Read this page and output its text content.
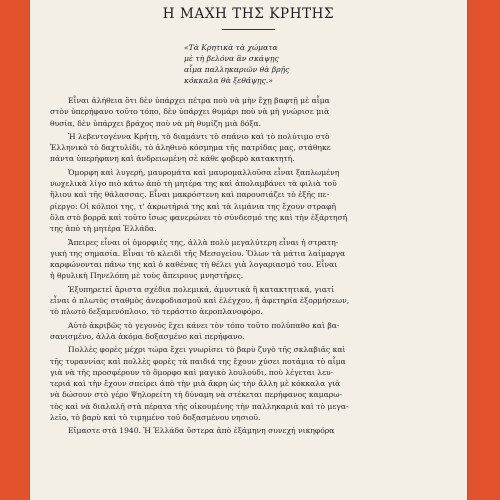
Η ΜΑΧΗ ΤΗΣ ΚΡΗΤΗΣ
«Τὰ Κρητικὰ τὰ χώματα
μὲ τὴ βελόνα ἂν σκάψῃς
αἷμα παλληκαριῶν θὰ βρῇς
κόκκαλα θὰ ξεθάψῃς.»
Εἶναι ἀλήθεια ὅτι δὲν ὑπάρχει πέτρα ποὺ νὰ μὴν ἔχῃ βαφτῇ μὲ αἷμα
στὸν ὑπερήφανο τοῦτο τόπο, δὲν ὑπάρχει θυμάρι ποὺ νὰ μὴ γνώρισε μιὰ
θυσία, δὲν ὑπάρχει βράχος ποὺ νὰ μὴ θυμίζη μιὰ δόξα.
Ἡ λεβεντογέννα Κρήτη, τὸ διαμάντι τὸ σπάνιο καὶ τὸ πολύτιμο στὸ
Ἑλληνικὸ τὸ δαχτυλίδι, τὸ ἀληθινὸ κόσμημα τῆς πατρίδας μας, στάθηκε
πάντα ὑπερήφανη καὶ ἀνδρειωμένη σὲ κάθε φοβερὸ κατακτητή.
Ὁμορφη καὶ λυγερή, μαυρομάτα καὶ μαυρομαλλοῦσα εἶναι ξαπλωμένη
νωχελικὰ λίγο πιὸ κάτω ἀπὸ τὴ μητέρα της καὶ ἀπολαμβάνει τὰ φιλιὰ τοῦ
ἥλιου καὶ τῆς θάλασσας. Εἶναι μακρόστενη καὶ παρουσιάζει τὸ ἑξῆς πε-
ρίεργο: Οἱ κόλποι της, τ' ἀκρωτήριά της καὶ τὰ λιμάνια της ἔχουν στραφῆ
ὅλα στὸ βορρᾶ καὶ τοῦτο ἴσως φανερώνει τὸ σύνδεσμό της καὶ τὴν ἐξάρτησή
της ἀπὸ τὴ μητέρα Ἑλλάδα.
Ἄπειρες εἶναι οἱ ὀμορφιές της, ἀλλὰ πολὺ μεγαλύτερη εἶναι ἡ στρατη-
γική της σημασία. Εἶναι τὸ κλειδὶ τῆς Μεσογείου. Ὅλων τὰ μάτια λαίμαργα
καρφώνονται πάνω της καὶ ὁ καθένας τὴ θέλει γιὰ λογαριασμό του. Εἶναι
ἡ θρυλικὴ Πηνελόπη μὲ τοὺς ἄπειρους μνηστῆρες.
Ἐξυπηρετεῖ ἄριστα σχέδια πολεμικά, ἀμυντικὰ ἢ κατακτητικά, γιατί
εἶναι ὁ πλωτὸς σταθμὸς ἀνεφοδιασμοῦ καὶ ἐλέγχου, ἡ ἀφετηρία ἐξορμήσεων,
τὸ πλωτὸ δεξαμενόπλοιο, τὸ τεράστιο ἀεροπλανοφόρο.
Αὐτὸ ἀκριβῶς τὸ γεγονὸς ἔχει κάνει τὸν τόπο τοῦτο πολύπαθο καὶ βα-
σανισμένο, ἀλλὰ ἀκόμα δοξασμένο καὶ περήφανο.
Πολλὲς φορὲς μέχρι τώρα ἔχει γνωρίσει τὸ βαρὺ ζυγὸ τῆς σκλαβιᾶς καὶ
τῆς τυραννίας καὶ πολλὲς φορὲς τὰ παιδιά της ἔχουν χύσει ποτάμια τὸ αἷμα
γιὰ νὰ τῆς προσφέρουν τὸ ὄμορφο καὶ μαγικὸ λουλούδι, ποὺ λέγεται λευ-
τεριά καὶ τὴν ἔχουν σπείρει ἀπὸ τὴν μιὰ ἄκρη ὡς τὴν ἄλλη μὲ κόκκαλα γιὰ
νὰ δώσουν στὸ γέρο Ψηλορείτη τὴ δύναμη νὰ στέκεται περήφανος καμαρω-
τὸς καὶ νὰ διαλαλῆ στὰ πέρατα τῆς οἰκουμένης τὴν παλληκαριὰ καὶ τὸ μεγα-
λεῖο, τὸ βαρὺ καὶ τὸ τιμημένο τοῦ δοξασμένου νησιοῦ.
Εἴμαστε στὰ 1940. Ἡ Ἑλλάδα ὕστερα ἀπὸ ἐξάμηνη συνεχή νικηφόρα
